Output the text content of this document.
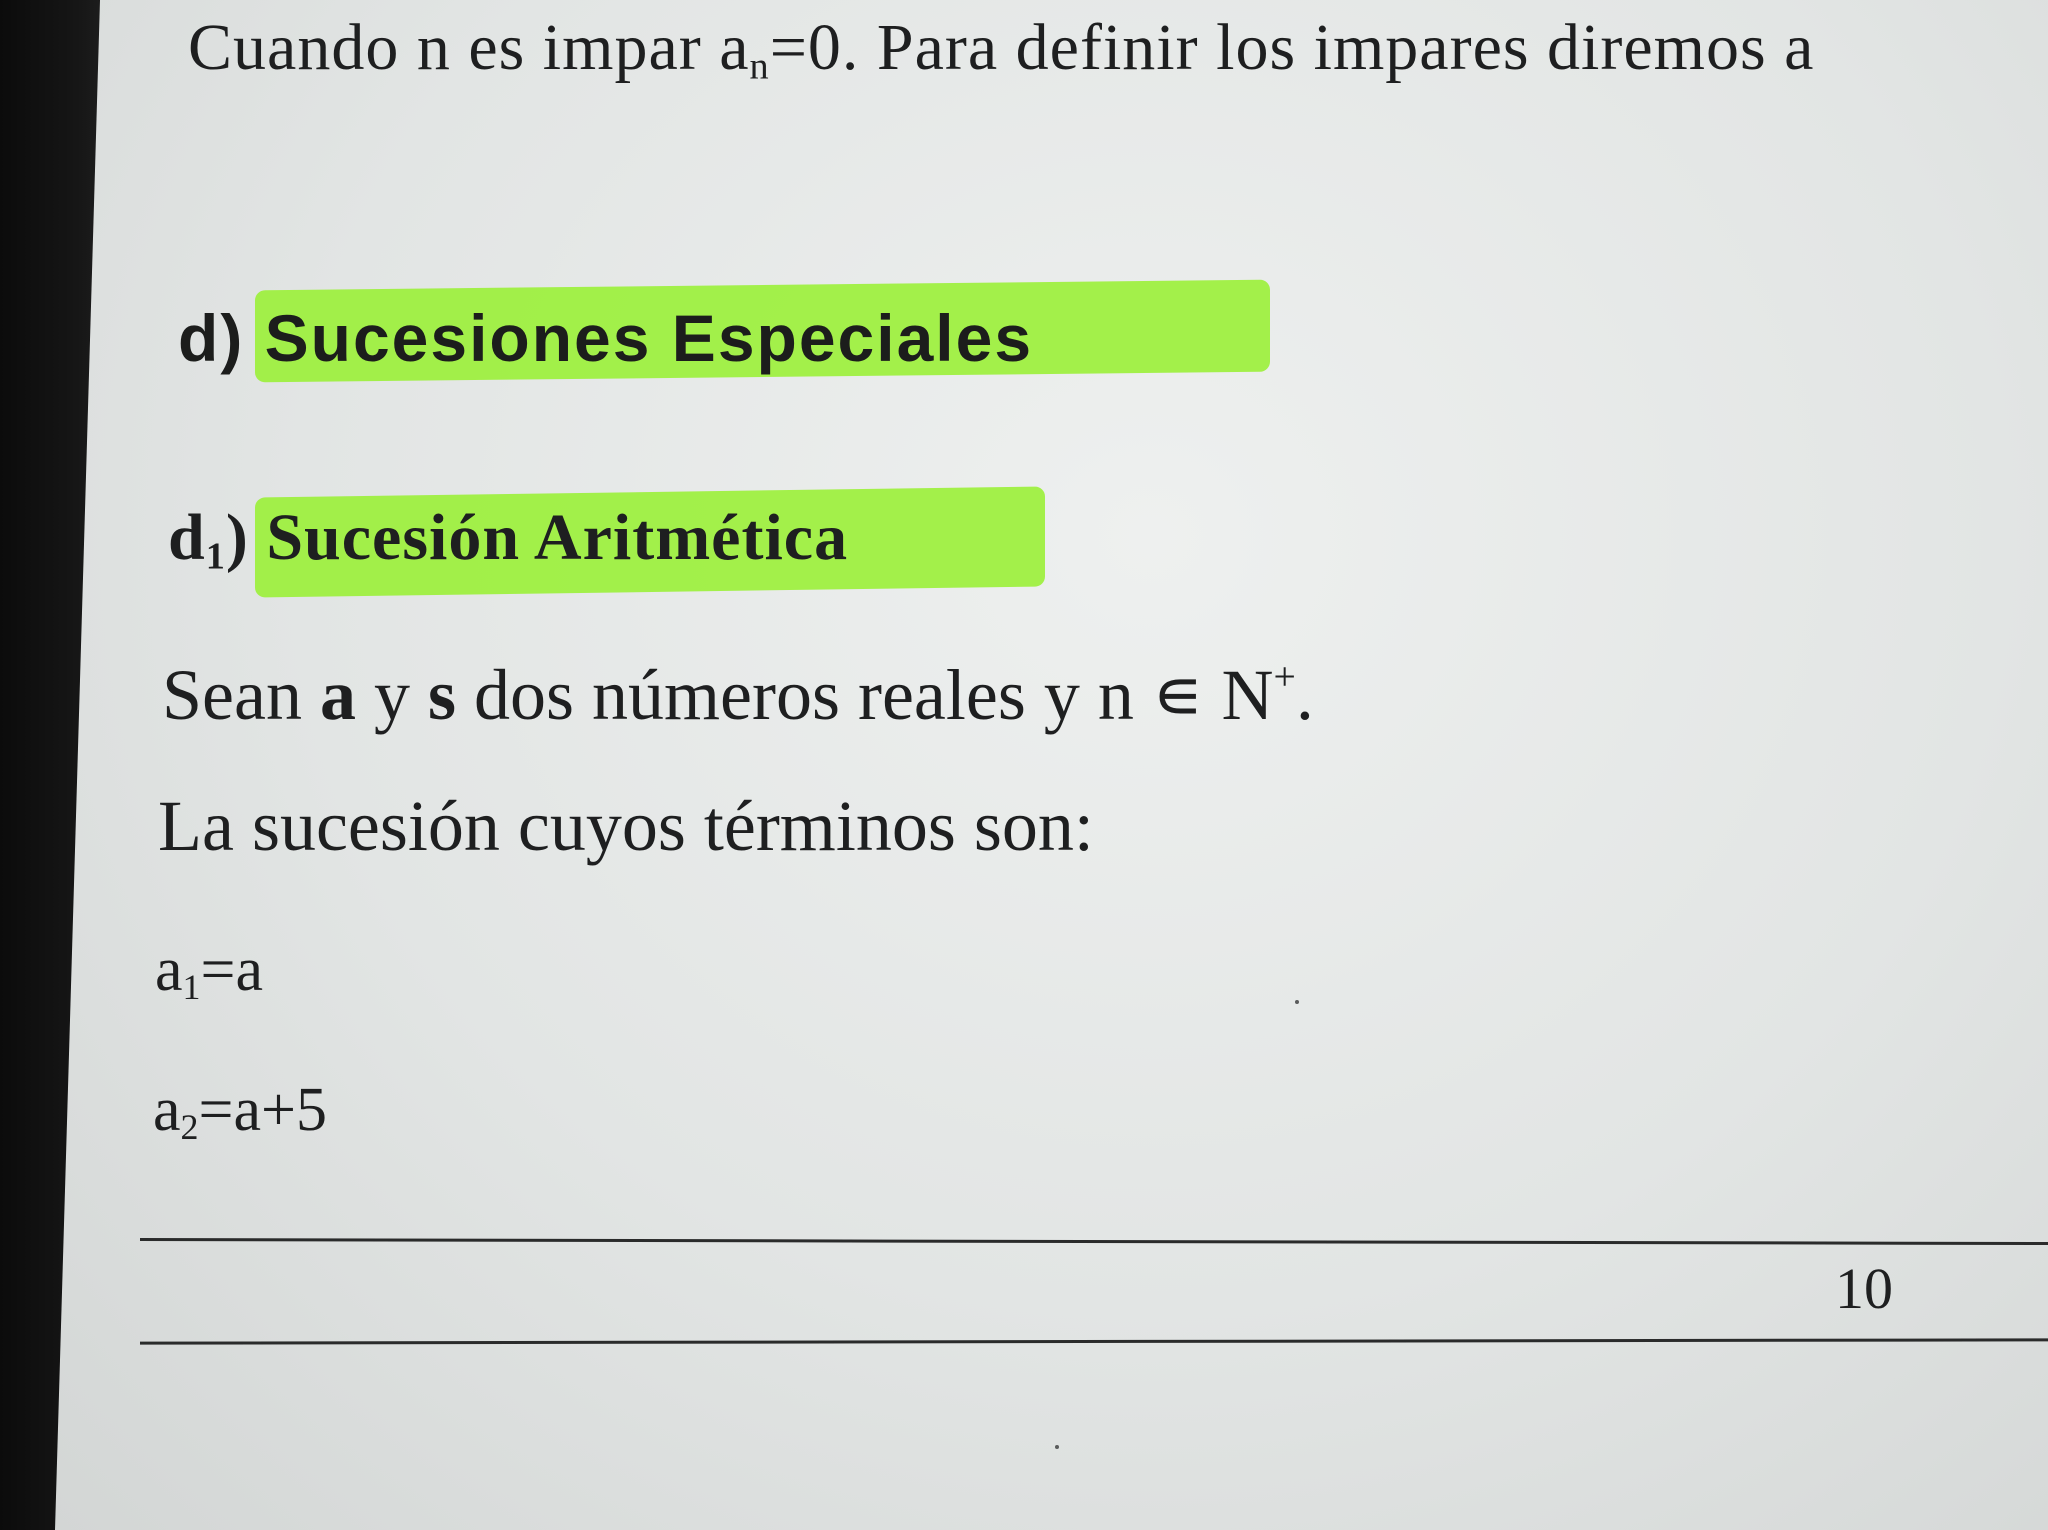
Cuando n es impar $a_n=0$. Para definir los impares diremos a
d) Sucesiones Especiales
$d_1$) Sucesión Aritmética
Sean a y s dos números reales y n ∊ N+.
La sucesión cuyos términos son:
$a_1=a$
$a_2=a+5$
10
